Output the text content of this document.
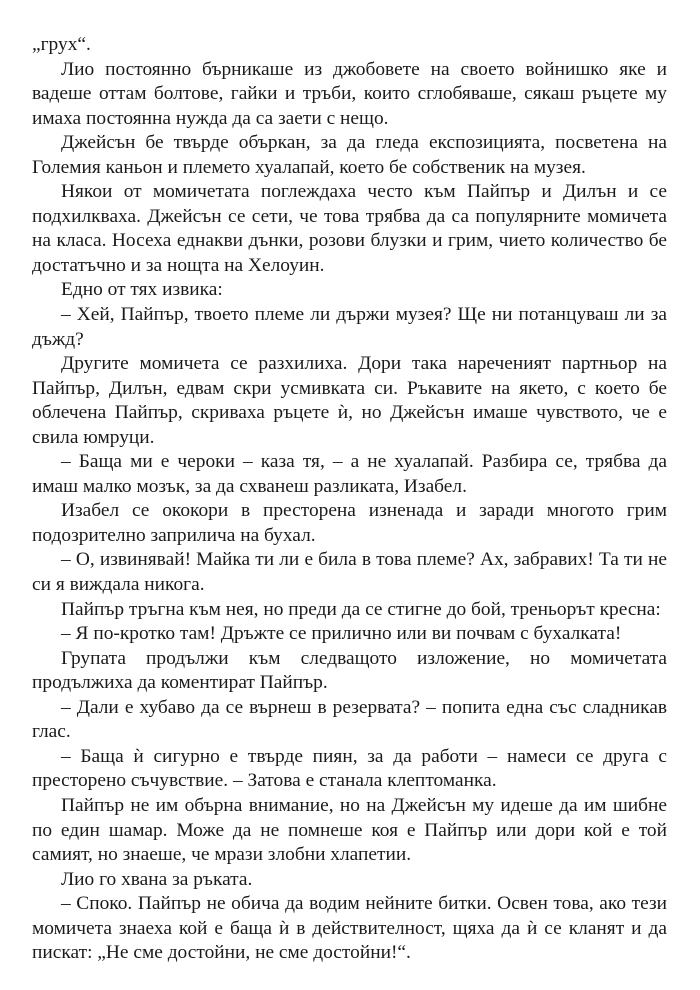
„грух“.

Лио постоянно бърникаше из джобовете на своето войнишко яке и вадеше оттам болтове, гайки и тръби, които сглобяваше, сякаш ръцете му имаха постоянна нужда да са заети с нещо.

Джейсън бе твърде объркан, за да гледа експозицията, посветена на Големия каньон и племето хуалапай, което бе собственик на музея.

Някои от момичетата поглеждаха често към Пайпър и Дилън и се подхилкваха. Джейсън се сети, че това трябва да са популярните момичета на класа. Носеха еднакви дънки, розови блузки и грим, чието количество бе достатъчно и за нощта на Хелоуин.

Едно от тях извика:

– Хей, Пайпър, твоето племе ли държи музея? Ще ни потанцуваш ли за дъжд?

Другите момичета се разхилиха. Дори така нареченият партньор на Пайпър, Дилън, едвам скри усмивката си. Ръкавите на якето, с което бе облечена Пайпър, скриваха ръцете ѝ, но Джейсън имаше чувството, че е свила юмруци.

– Баща ми е чероки – каза тя, – а не хуалапай. Разбира се, трябва да имаш малко мозък, за да схванеш разликата, Изабел.

Изабел се ококори в престорена изненада и заради многото грим подозрително заприлича на бухал.

– О, извинявай! Майка ти ли е била в това племе? Ах, забравих! Та ти не си я виждала никога.

Пайпър тръгна към нея, но преди да се стигне до бой, треньорът кресна:

– Я по-кротко там! Дръжте се прилично или ви почвам с бухалката!

Групата продължи към следващото изложение, но момичетата продължиха да коментират Пайпър.

– Дали е хубаво да се върнеш в резервата? – попита една със сладникав глас.

– Баща ѝ сигурно е твърде пиян, за да работи – намеси се друга с престорено съчувствие. – Затова е станала клептоманка.

Пайпър не им обърна внимание, но на Джейсън му идеше да им шибне по един шамар. Може да не помнеше коя е Пайпър или дори кой е той самият, но знаеше, че мрази злобни хлапетии.

Лио го хвана за ръката.

– Споко. Пайпър не обича да водим нейните битки. Освен това, ако тези момичета знаеха кой е баща ѝ в действителност, щяха да ѝ се кланят и да пискат: „Не сме достойни, не сме достойни!“.
